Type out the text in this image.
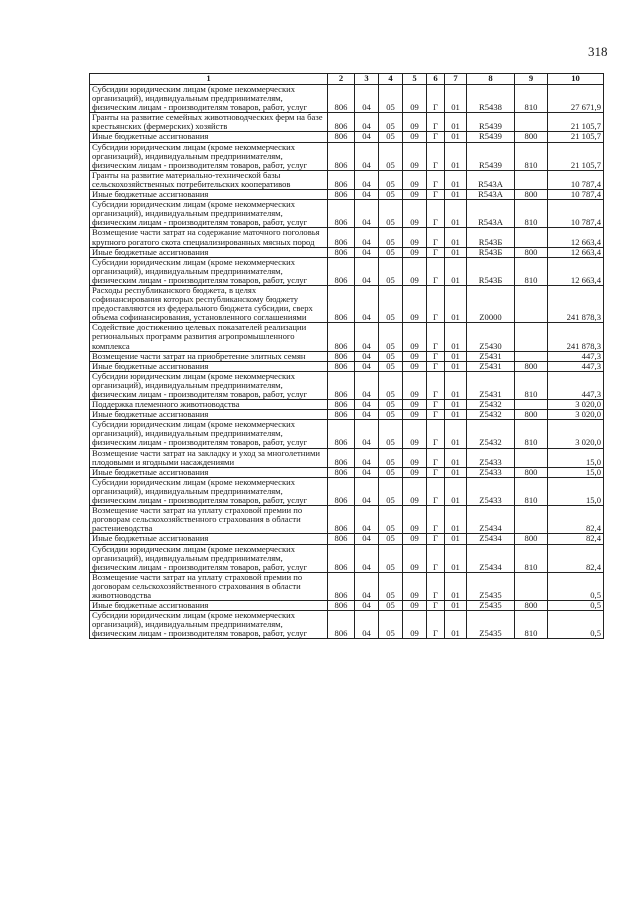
318
1	2	3	4	5	6	7	8	9	10
Субсидии юридическим лицам (кроме некоммерческих организаций), индивидуальным предпринимателям, физическим лицам - производителям товаров, работ, услуг	806	04	05	09	Г	01	R5438	810	27 671,9
Гранты на развитие семейных животноводческих ферм на базе крестьянских (фермерских) хозяйств	806	04	05	09	Г	01	R5439		21 105,7
Иные бюджетные ассигнования	806	04	05	09	Г	01	R5439	800	21 105,7
Субсидии юридическим лицам (кроме некоммерческих организаций), индивидуальным предпринимателям, физическим лицам - производителям товаров, работ, услуг	806	04	05	09	Г	01	R5439	810	21 105,7
Гранты на развитие материально-технической базы сельскохозяйственных потребительских кооперативов	806	04	05	09	Г	01	R543А		10 787,4
Иные бюджетные ассигнования	806	04	05	09	Г	01	R543А	800	10 787,4
Субсидии юридическим лицам (кроме некоммерческих организаций), индивидуальным предпринимателям, физическим лицам - производителям товаров, работ, услуг	806	04	05	09	Г	01	R543А	810	10 787,4
Возмещение части затрат на содержание маточного поголовья крупного рогатого скота специализированных мясных пород	806	04	05	09	Г	01	R543Б		12 663,4
Иные бюджетные ассигнования	806	04	05	09	Г	01	R543Б	800	12 663,4
Субсидии юридическим лицам (кроме некоммерческих организаций), индивидуальным предпринимателям, физическим лицам - производителям товаров, работ, услуг	806	04	05	09	Г	01	R543Б	810	12 663,4
Расходы республиканского бюджета, в целях софинансирования которых республиканскому бюджету предоставляются из федерального бюджета субсидии, сверх объема софинансирования, установленного соглашениями	806	04	05	09	Г	01	Z0000		241 878,3
Содействие достижению целевых показателей реализации региональных программ развития агропромышленного комплекса	806	04	05	09	Г	01	Z5430		241 878,3
Возмещение части затрат на приобретение элитных семян	806	04	05	09	Г	01	Z5431		447,3
Иные бюджетные ассигнования	806	04	05	09	Г	01	Z5431	800	447,3
Субсидии юридическим лицам (кроме некоммерческих организаций), индивидуальным предпринимателям, физическим лицам - производителям товаров, работ, услуг	806	04	05	09	Г	01	Z5431	810	447,3
Поддержка племенного животноводства	806	04	05	09	Г	01	Z5432		3 020,0
Иные бюджетные ассигнования	806	04	05	09	Г	01	Z5432	800	3 020,0
Субсидии юридическим лицам (кроме некоммерческих организаций), индивидуальным предпринимателям, физическим лицам - производителям товаров, работ, услуг	806	04	05	09	Г	01	Z5432	810	3 020,0
Возмещение части затрат на закладку и уход за многолетними плодовыми и ягодными насаждениями	806	04	05	09	Г	01	Z5433		15,0
Иные бюджетные ассигнования	806	04	05	09	Г	01	Z5433	800	15,0
Субсидии юридическим лицам (кроме некоммерческих организаций), индивидуальным предпринимателям, физическим лицам - производителям товаров, работ, услуг	806	04	05	09	Г	01	Z5433	810	15,0
Возмещение части затрат на уплату страховой премии по договорам сельскохозяйственного страхования в области растениеводства	806	04	05	09	Г	01	Z5434		82,4
Иные бюджетные ассигнования	806	04	05	09	Г	01	Z5434	800	82,4
Субсидии юридическим лицам (кроме некоммерческих организаций), индивидуальным предпринимателям, физическим лицам - производителям товаров, работ, услуг	806	04	05	09	Г	01	Z5434	810	82,4
Возмещение части затрат на уплату страховой премии по договорам сельскохозяйственного страхования в области животноводства	806	04	05	09	Г	01	Z5435		0,5
Иные бюджетные ассигнования	806	04	05	09	Г	01	Z5435	800	0,5
Субсидии юридическим лицам (кроме некоммерческих организаций), индивидуальным предпринимателям, физическим лицам - производителям товаров, работ, услуг	806	04	05	09	Г	01	Z5435	810	0,5
